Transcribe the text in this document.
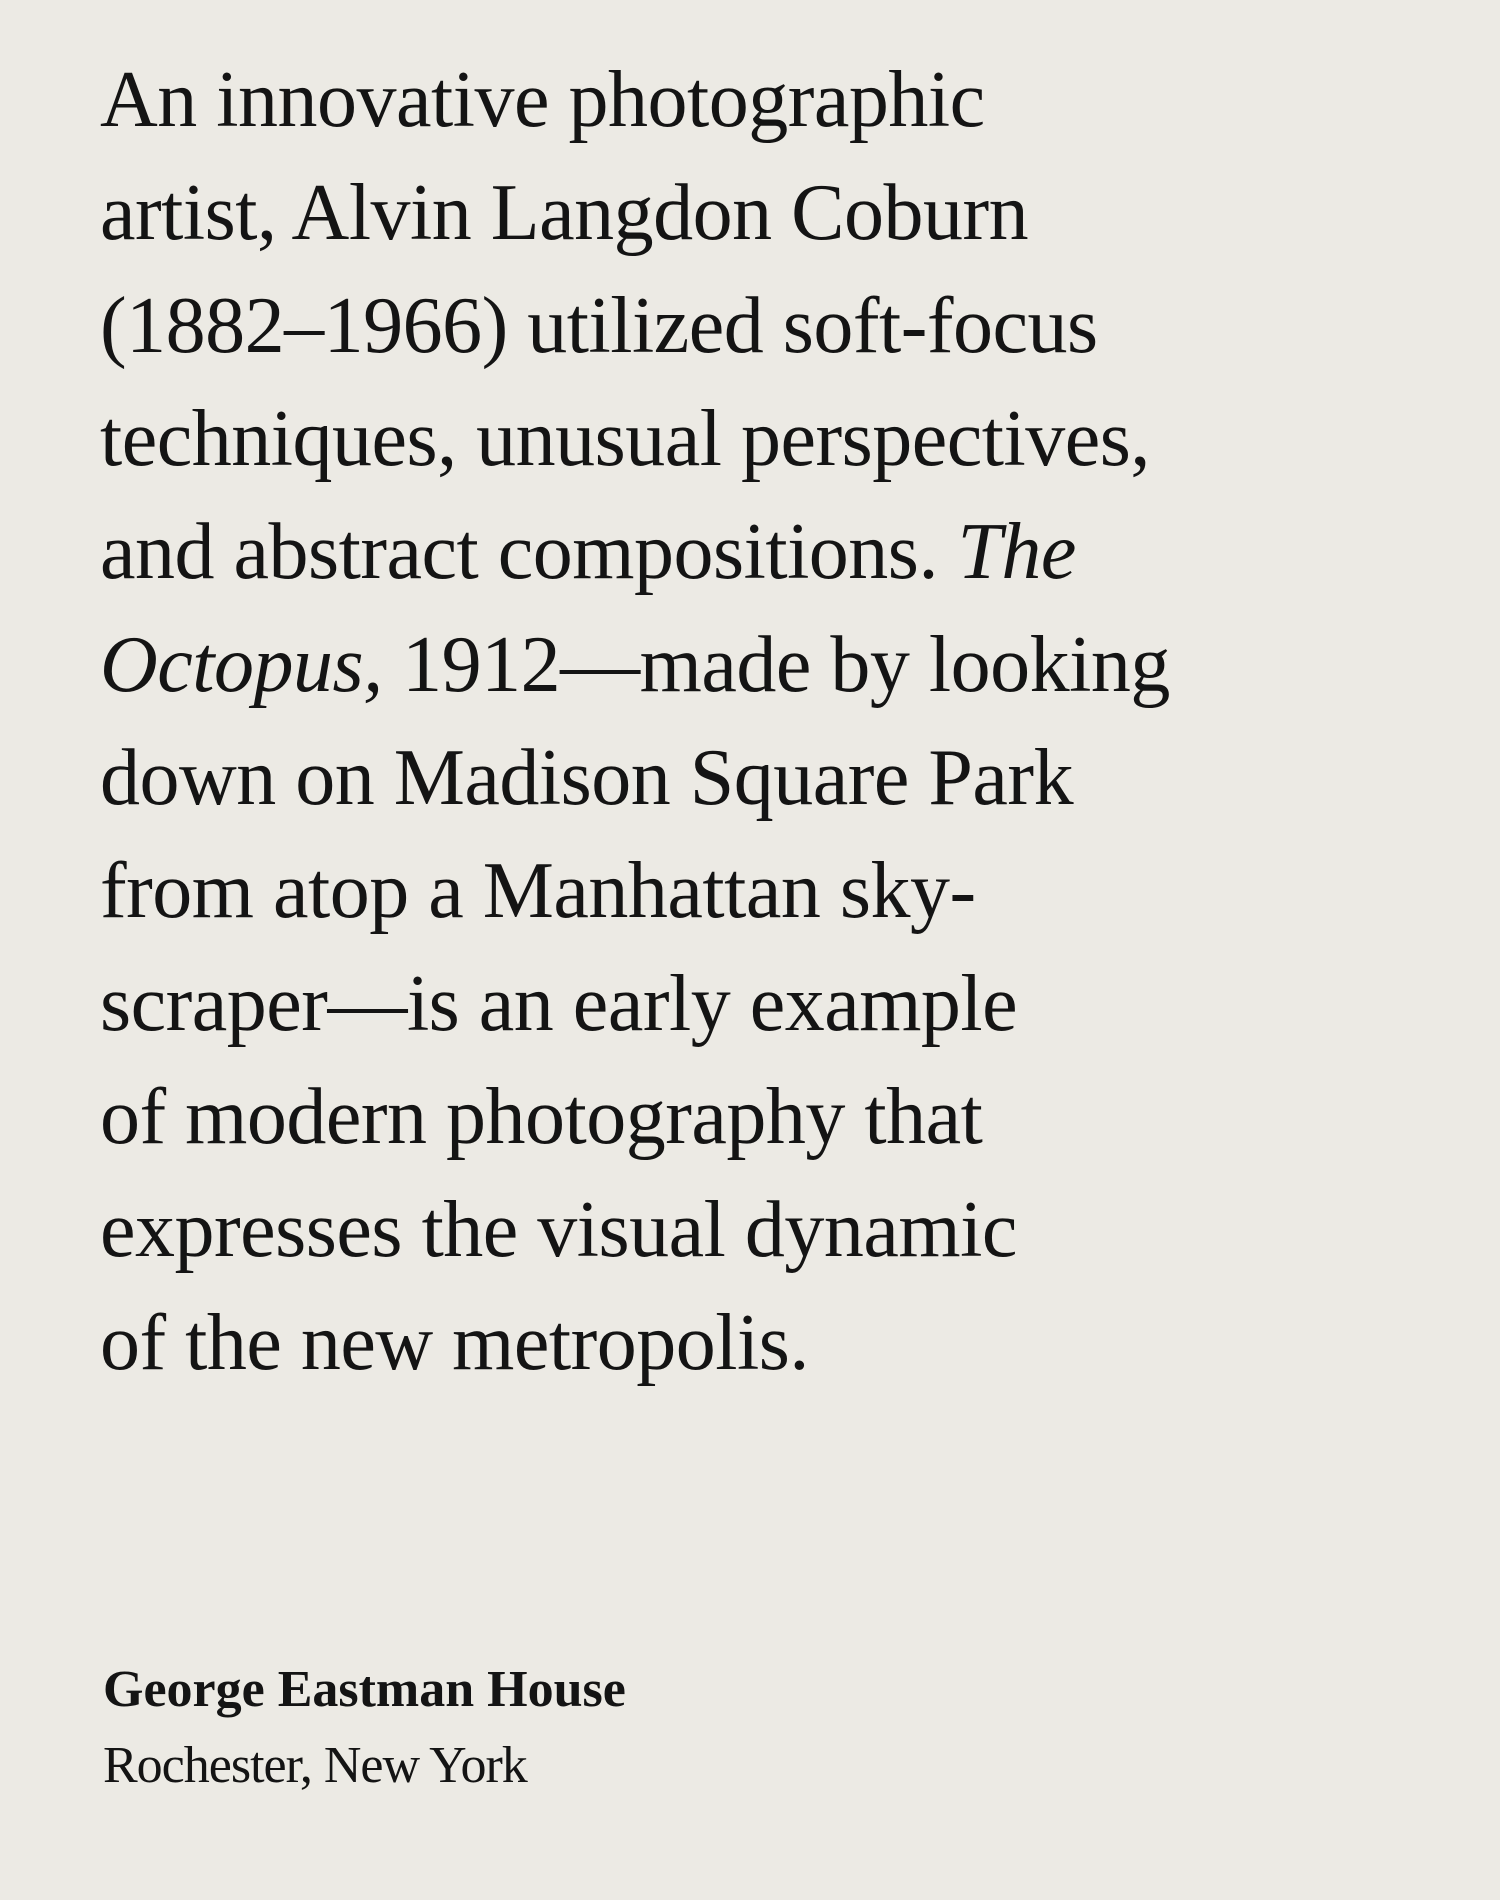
An innovative photographic
artist, Alvin Langdon Coburn
(1882–1966) utilized soft-focus
techniques, unusual perspectives,
and abstract compositions. The
Octopus, 1912—made by looking
down on Madison Square Park
from atop a Manhattan sky-
scraper—is an early example
of modern photography that
expresses the visual dynamic
of the new metropolis.
George Eastman House
Rochester, New York
